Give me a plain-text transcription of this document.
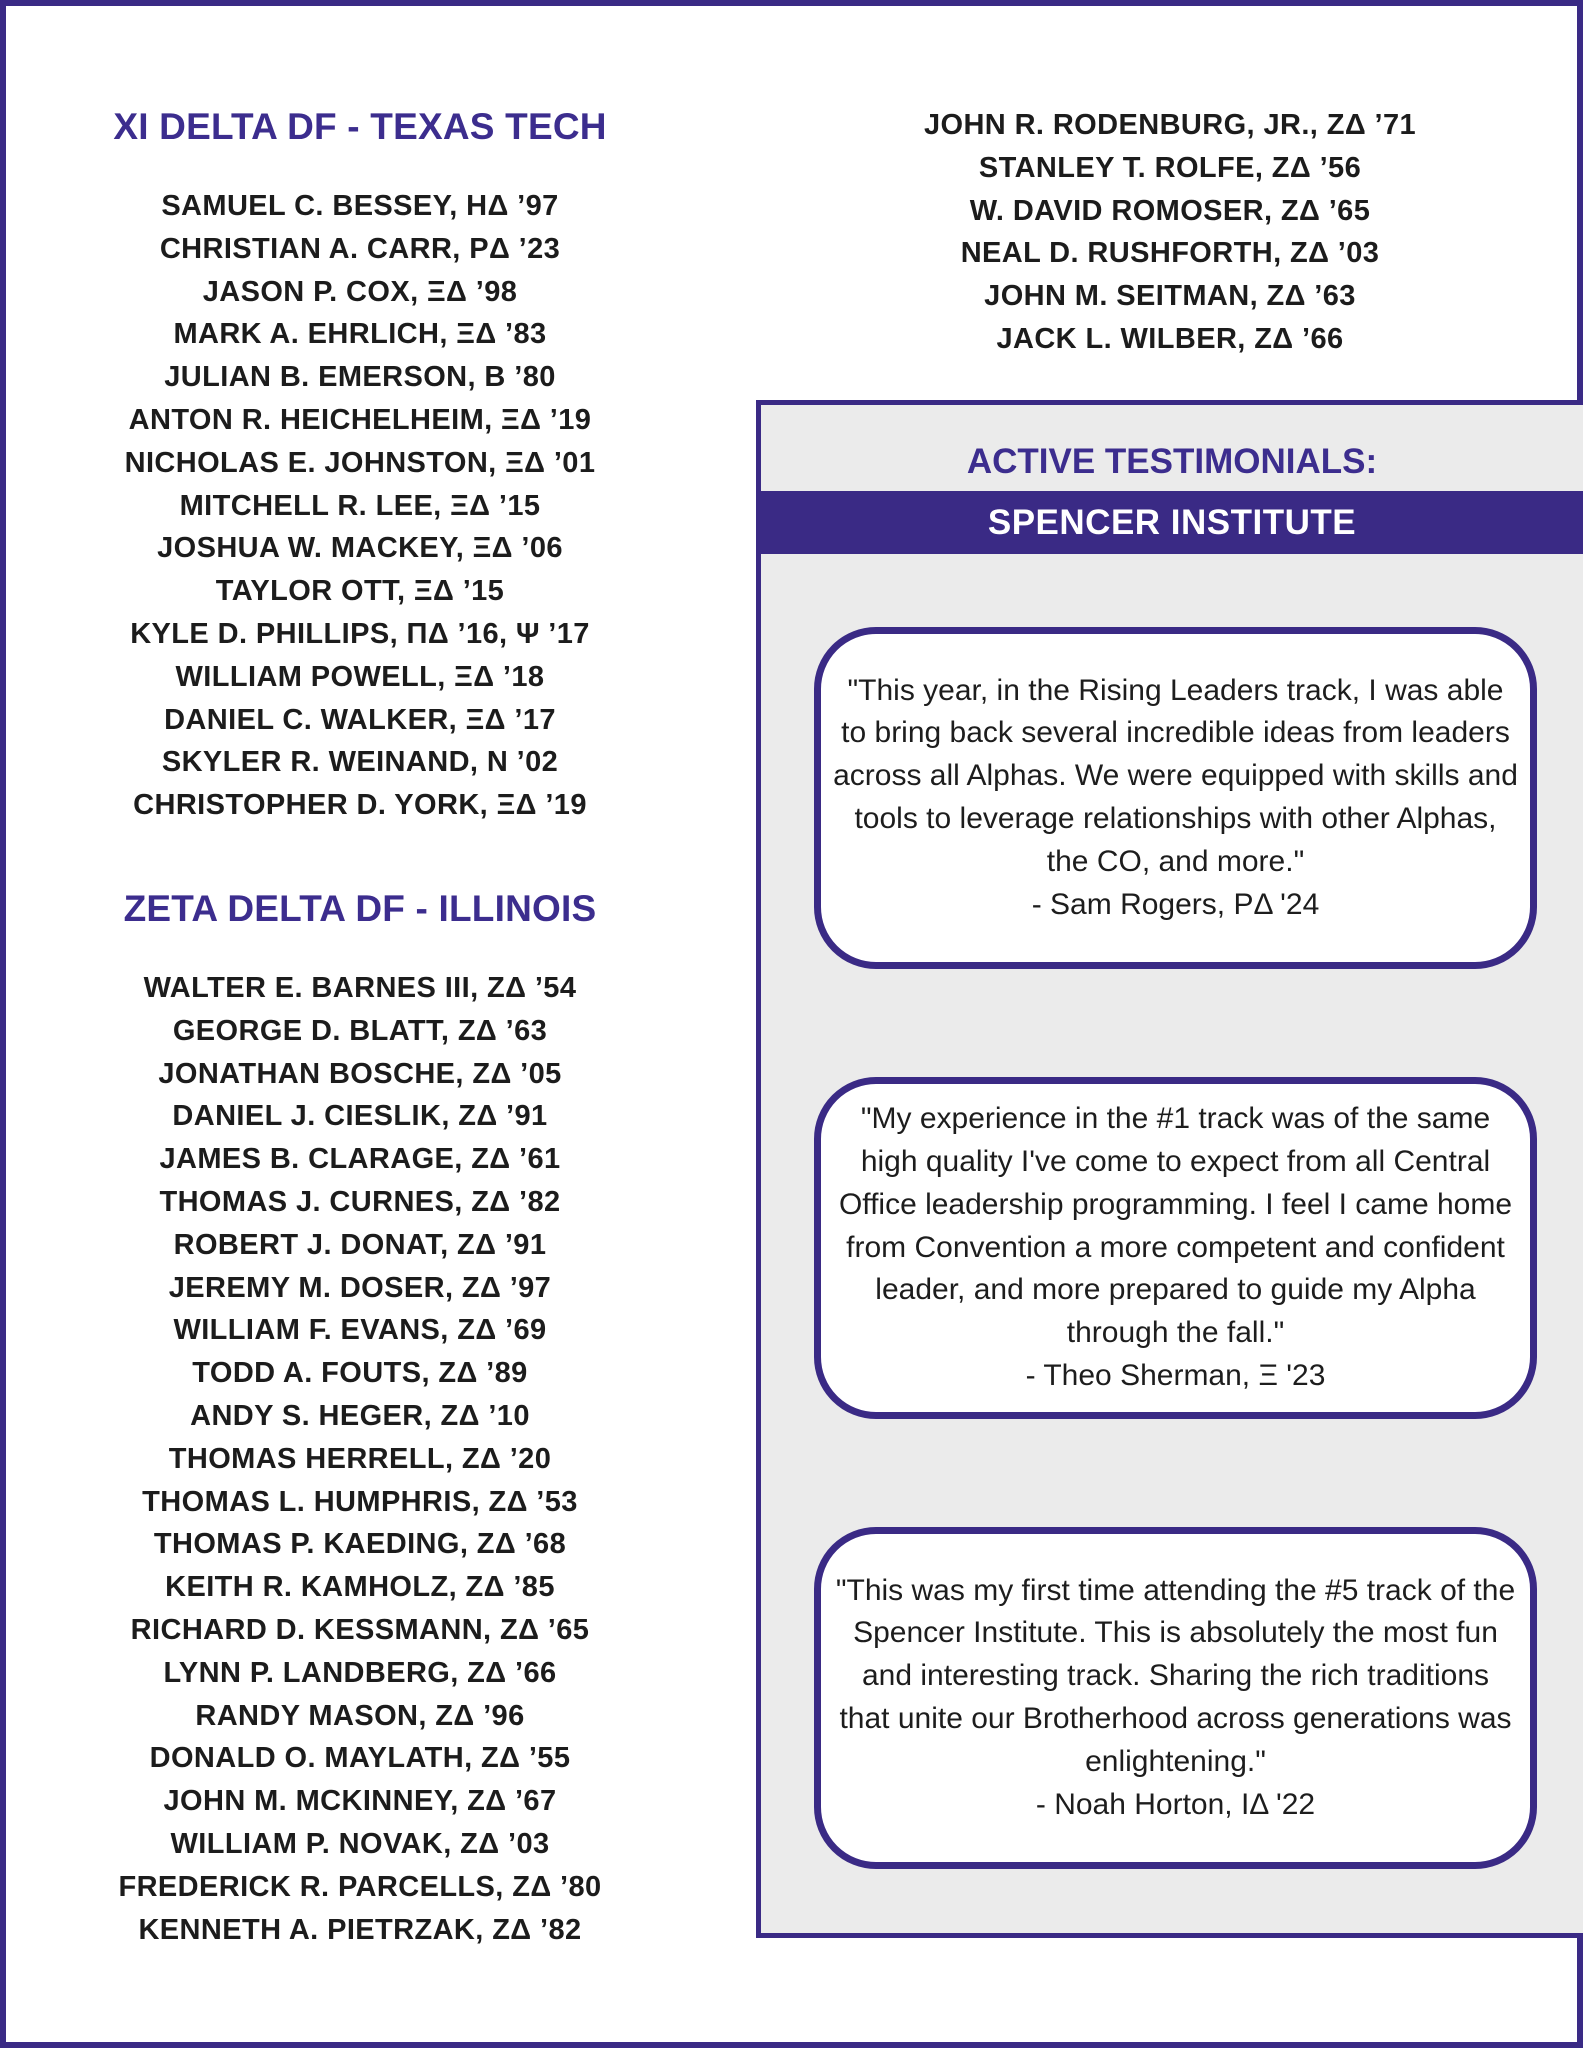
XI DELTA DF - TEXAS TECH
SAMUEL C. BESSEY, HΔ ’97
CHRISTIAN A. CARR, PΔ ’23
JASON P. COX, ΞΔ ’98
MARK A. EHRLICH, ΞΔ ’83
JULIAN B. EMERSON, B ’80
ANTON R. HEICHELHEIM, ΞΔ ’19
NICHOLAS E. JOHNSTON, ΞΔ ’01
MITCHELL R. LEE, ΞΔ ’15
JOSHUA W. MACKEY, ΞΔ ’06
TAYLOR OTT, ΞΔ ’15
KYLE D. PHILLIPS, ΠΔ ’16, Ψ ’17
WILLIAM POWELL, ΞΔ ’18
DANIEL C. WALKER, ΞΔ ’17
SKYLER R. WEINAND, N ’02
CHRISTOPHER D. YORK, ΞΔ ’19
ZETA DELTA DF - ILLINOIS
WALTER E. BARNES III, ZΔ ’54
GEORGE D. BLATT, ZΔ ’63
JONATHAN BOSCHE, ZΔ ’05
DANIEL J. CIESLIK, ZΔ ’91
JAMES B. CLARAGE, ZΔ ’61
THOMAS J. CURNES, ZΔ ’82
ROBERT J. DONAT, ZΔ ’91
JEREMY M. DOSER, ZΔ ’97
WILLIAM F. EVANS, ZΔ ’69
TODD A. FOUTS, ZΔ ’89
ANDY S. HEGER, ZΔ ’10
THOMAS HERRELL, ZΔ ’20
THOMAS L. HUMPHRIS, ZΔ ’53
THOMAS P. KAEDING, ZΔ ’68
KEITH R. KAMHOLZ, ZΔ ’85
RICHARD D. KESSMANN, ZΔ ’65
LYNN P. LANDBERG, ZΔ ’66
RANDY MASON, ZΔ ’96
DONALD O. MAYLATH, ZΔ ’55
JOHN M. MCKINNEY, ZΔ ’67
WILLIAM P. NOVAK, ZΔ ’03
FREDERICK R. PARCELLS, ZΔ ’80
KENNETH A. PIETRZAK, ZΔ ’82
JOHN R. RODENBURG, JR., ZΔ ’71
STANLEY T. ROLFE, ZΔ ’56
W. DAVID ROMOSER, ZΔ ’65
NEAL D. RUSHFORTH, ZΔ ’03
JOHN M. SEITMAN, ZΔ ’63
JACK L. WILBER, ZΔ ’66
ACTIVE TESTIMONIALS:
SPENCER INSTITUTE

"This year, in the Rising Leaders track, I was able to bring back several incredible ideas from leaders across all Alphas. We were equipped with skills and tools to leverage relationships with other Alphas, the CO, and more."

- Sam Rogers, PΔ '24

"My experience in the #1 track was of the same high quality I've come to expect from all Central Office leadership programming. I feel I came home from Convention a more competent and confident leader, and more prepared to guide my Alpha through the fall."

- Theo Sherman, Ξ '23

"This was my first time attending the #5 track of the Spencer Institute. This is absolutely the most fun and interesting track. Sharing the rich traditions that unite our Brotherhood across generations was enlightening."

- Noah Horton, IΔ '22
